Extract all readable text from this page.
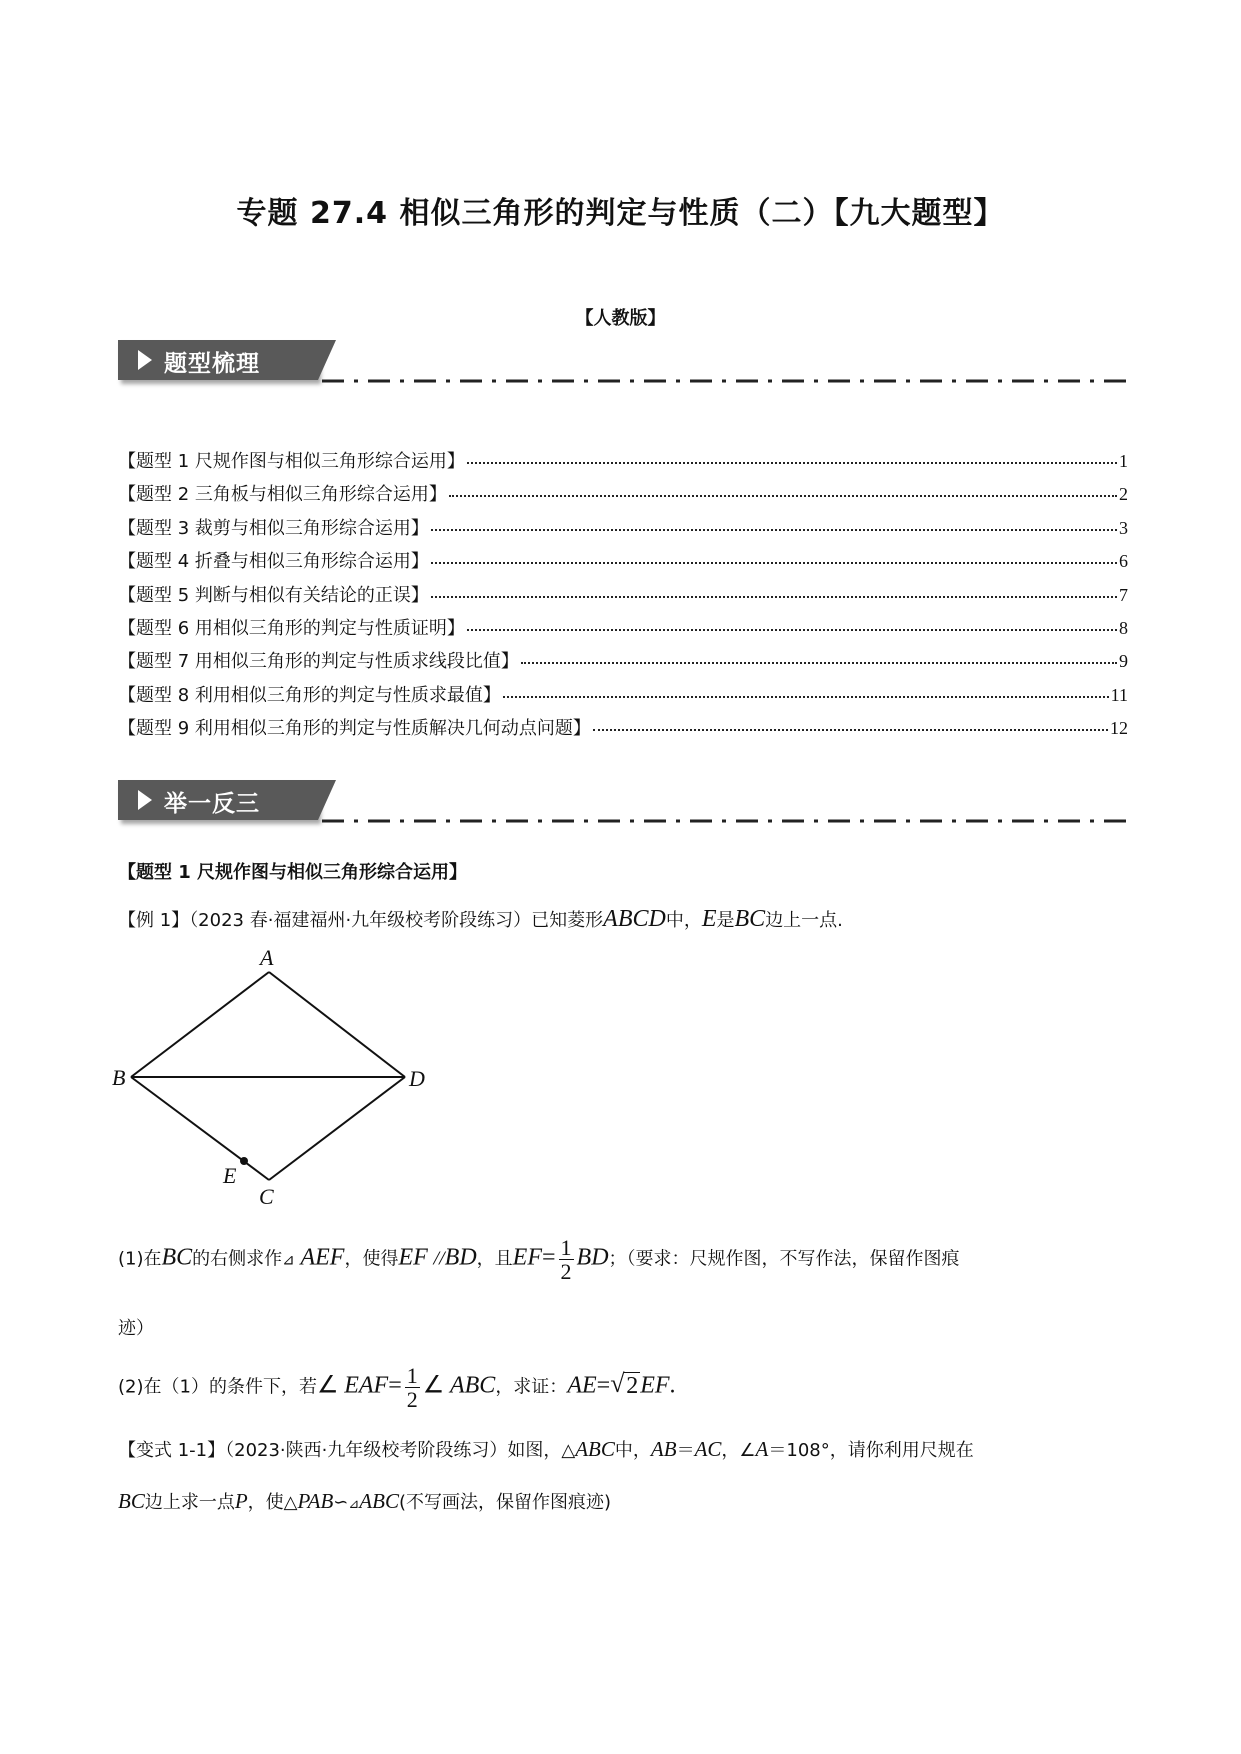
专题 27.4 相似三角形的判定与性质（二）【九大题型】
【人教版】
题型梳理
【题型 1 尺规作图与相似三角形综合运用】	1
【题型 2 三角板与相似三角形综合运用】	2
【题型 3 裁剪与相似三角形综合运用】	3
【题型 4 折叠与相似三角形综合运用】	6
【题型 5 判断与相似有关结论的正误】	7
【题型 6 用相似三角形的判定与性质证明】	8
【题型 7 用相似三角形的判定与性质求线段比值】	9
【题型 8 利用相似三角形的判定与性质求最值】	11
【题型 9 利用相似三角形的判定与性质解决几何动点问题】	12
举一反三
【题型 1 尺规作图与相似三角形综合运用】
【例 1】（2023 春·福建福州·九年级校考阶段练习）已知菱形ABCD中，E是BC边上一点.
A
B	D
E
C
(1)在BC的右侧求作⊿ AEF，使得EF //BD，且$EF= \frac{1}{2}$ BD；（要求：尺规作图，不写作法，保留作图痕
迹）
(2)在（1）的条件下，若∠ $EAF= \frac{1}{2}$ ∠ ABC，求证：AE= √ 2EF.
【变式 1-1】（2023·陕西·九年级校考阶段练习）如图，△ABC中，AB＝AC，∠A＝108°，请你利用尺规在
BC边上求一点P，使△PAB∽⊿ABC(不写画法，保留作图痕迹)
